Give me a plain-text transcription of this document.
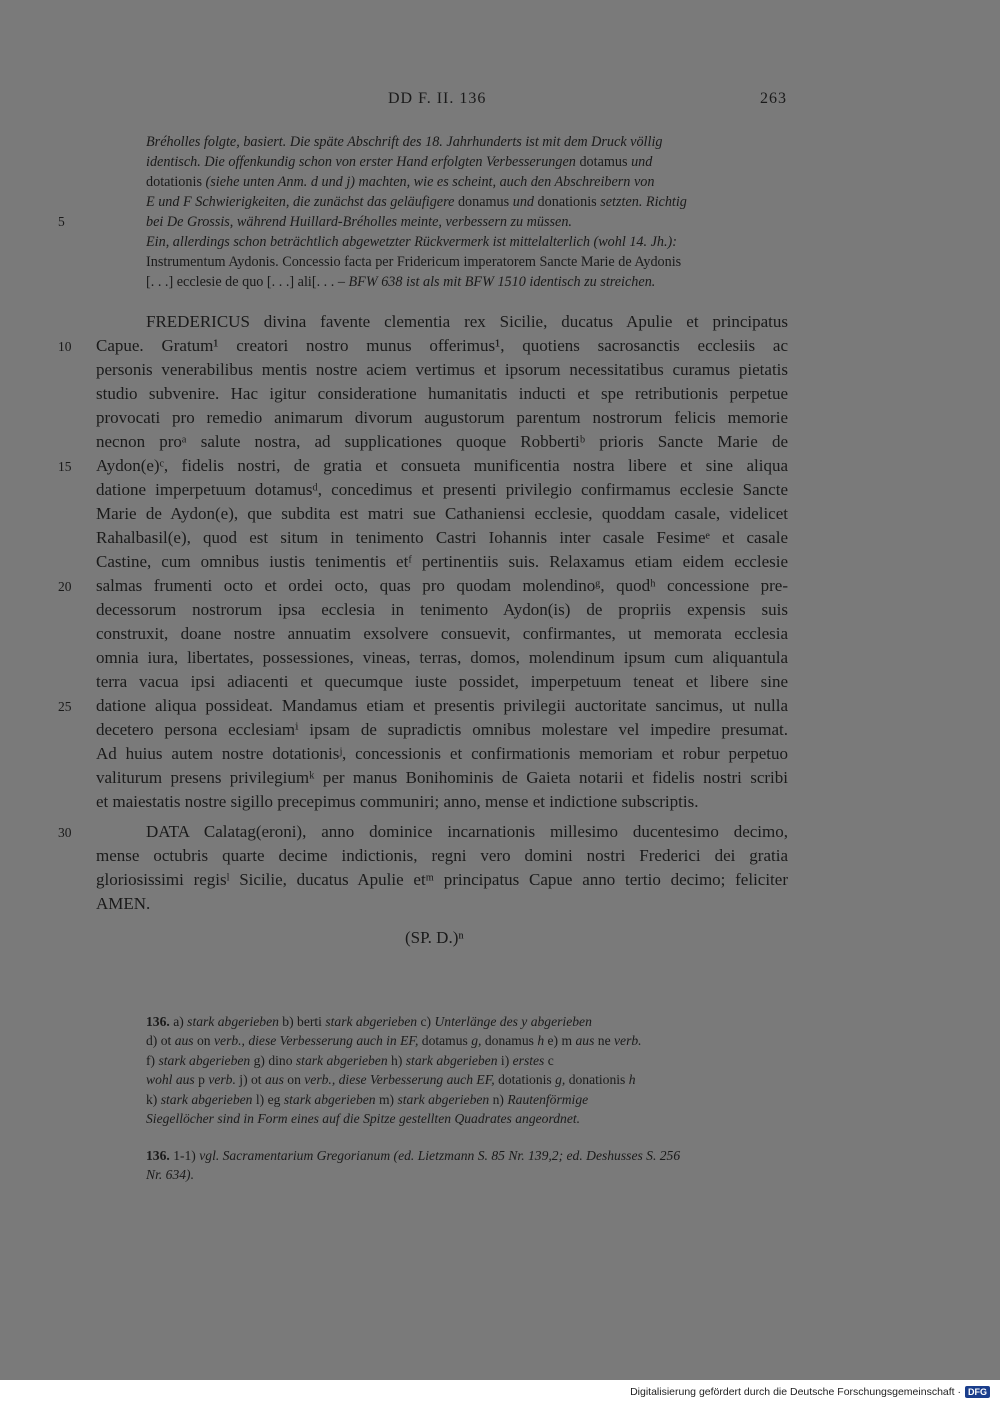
DD F. II. 136	263
Bréholles folgte, basiert. Die späte Abschrift des 18. Jahrhunderts ist mit dem Druck völlig
identisch. Die offenkundig schon von erster Hand erfolgten Verbesserungen dotamus und
dotationis (siehe unten Anm. d und j) machten, wie es scheint, auch den Abschreibern von
E und F Schwierigkeiten, die zunächst das geläufigere donamus und donationis setzten. Richtig
bei De Grossis, während Huillard-Bréholles meinte, verbessern zu müssen.
Ein, allerdings schon beträchtlich abgewetzter Rückvermerk ist mittelalterlich (wohl 14. Jh.):
Instrumentum Aydonis. Concessio facta per Fridericum imperatorem Sancte Marie de Aydonis
[. . .] ecclesie de quo [. . .] ali[. . . – BFW 638 ist als mit BFW 1510 identisch zu streichen.
5
FREDERICUS divina favente clementia rex Sicilie, ducatus Apulie et principatus
Capue. Gratum¹ creatori nostro munus offerimus¹, quotiens sacrosanctis ecclesiis ac
personis venerabilibus mentis nostre aciem vertimus et ipsorum necessitatibus curamus pietatis
studio subvenire. Hac igitur consideratione humanitatis inducti et spe retributionis perpetue
provocati pro remedio animarum divorum augustorum parentum nostrorum felicis memorie
necnon proᵃ salute nostra, ad supplicationes quoque Robbertiᵇ prioris Sancte Marie de
Aydon(e)ᶜ, fidelis nostri, de gratia et consueta munificentia nostra libere et sine aliqua
datione imperpetuum dotamusᵈ, concedimus et presenti privilegio confirmamus ecclesie Sancte
Marie de Aydon(e), que subdita est matri sue Cathaniensi ecclesie, quoddam casale, videlicet
Rahalbasil(e), quod est situm in tenimento Castri Iohannis inter casale Fesimeᵉ et casale
Castine, cum omnibus iustis tenimentis etᶠ pertinentiis suis. Relaxamus etiam eidem ecclesie
salmas frumenti octo et ordei octo, quas pro quodam molendinoᵍ, quodʰ concessione pre-
decessorum nostrorum ipsa ecclesia in tenimento Aydon(is) de propriis expensis suis
construxit, doane nostre annuatim exsolvere consuevit, confirmantes, ut memorata ecclesia
omnia iura, libertates, possessiones, vineas, terras, domos, molendinum ipsum cum aliquantula
terra vacua ipsi adiacenti et quecumque iuste possidet, imperpetuum teneat et libere sine
datione aliqua possideat. Mandamus etiam et presentis privilegii auctoritate sancimus, ut nulla
decetero persona ecclesiamⁱ ipsam de supradictis omnibus molestare vel impedire presumat.
Ad huius autem nostre dotationisʲ, concessionis et confirmationis memoriam et robur perpetuo
valiturum presens privilegiumᵏ per manus Bonihominis de Gaieta notarii et fidelis nostri scribi
et maiestatis nostre sigillo precepimus communiri; anno, mense et indictione subscriptis.
DATA Calatag(eroni), anno dominice incarnationis millesimo ducentesimo decimo,
mense octubris quarte decime indictionis, regni vero domini nostri Frederici dei gratia
gloriosissimi regisˡ Sicilie, ducatus Apulie etᵐ principatus Capue anno tertio decimo; feliciter
AMEN.
10
15
20
25
30
(SP. D.)ⁿ
136. a) stark abgerieben b) berti stark abgerieben c) Unterlänge des y abgerieben
d) ot aus on verb., diese Verbesserung auch in EF, dotamus g, donamus h e) m aus ne verb.
f) stark abgerieben g) dino stark abgerieben h) stark abgerieben i) erstes c
wohl aus p verb. j) ot aus on verb., diese Verbesserung auch EF, dotationis g, donationis h
k) stark abgerieben l) eg stark abgerieben m) stark abgerieben n) Rautenförmige
Siegellöcher sind in Form eines auf die Spitze gestellten Quadrates angeordnet.
136. 1-1) vgl. Sacramentarium Gregorianum (ed. Lietzmann S. 85 Nr. 139,2; ed. Deshusses S. 256
Nr. 634).
Digitalisierung gefördert durch die Deutsche Forschungsgemeinschaft · DFG
